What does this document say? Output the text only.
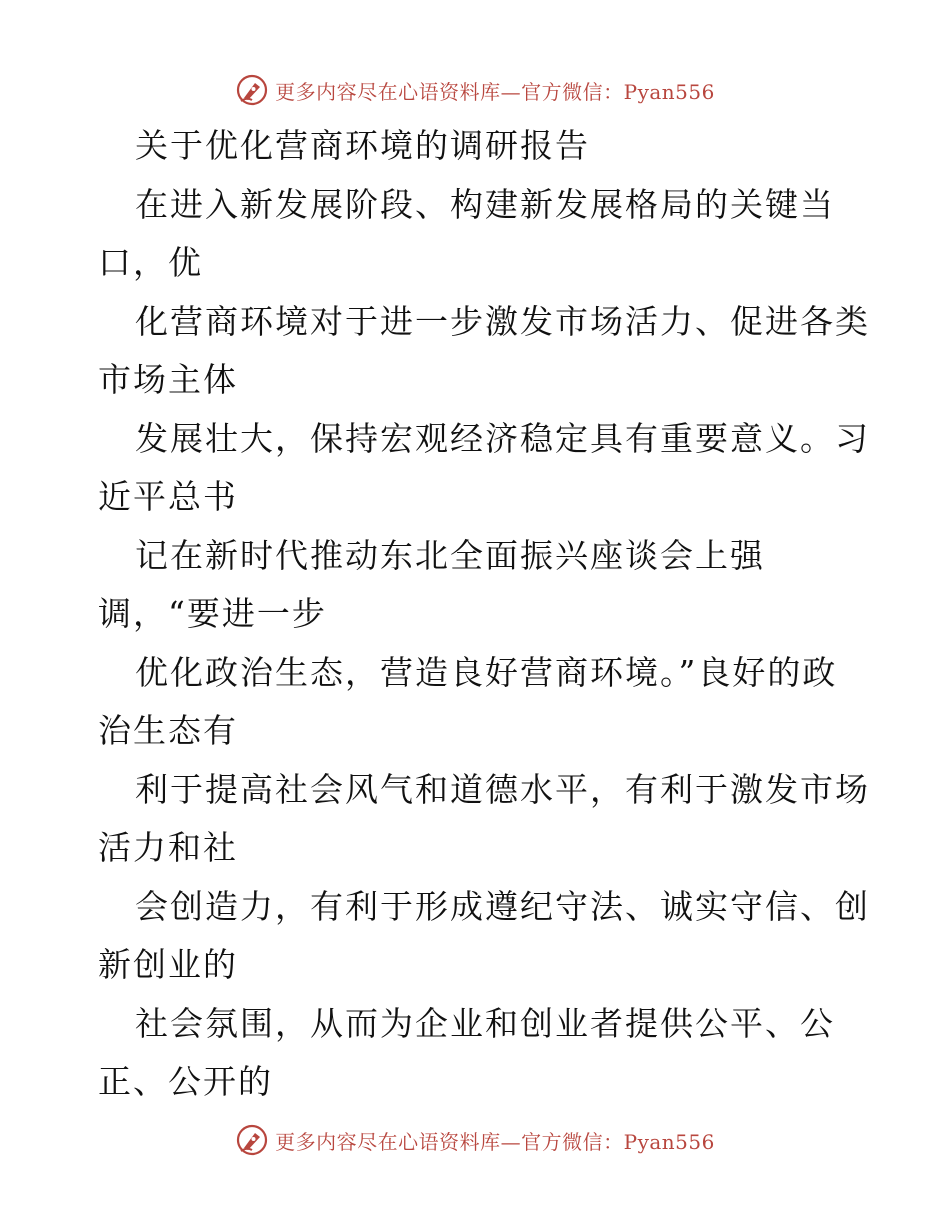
更多内容尽在心语资料库—官方微信：Pyan556
关于优化营商环境的调研报告
在进入新发展阶段、构建新发展格局的关键当
口，优
化营商环境对于进一步激发市场活力、促进各类
市场主体
发展壮大，保持宏观经济稳定具有重要意义。习
近平总书
记在新时代推动东北全面振兴座谈会上强
调，“要进一步
优化政治生态，营造良好营商环境。”良好的政
治生态有
利于提高社会风气和道德水平，有利于激发市场
活力和社
会创造力，有利于形成遵纪守法、诚实守信、创
新创业的
社会氛围，从而为企业和创业者提供公平、公
正、公开的
更多内容尽在心语资料库—官方微信：Pyan556
